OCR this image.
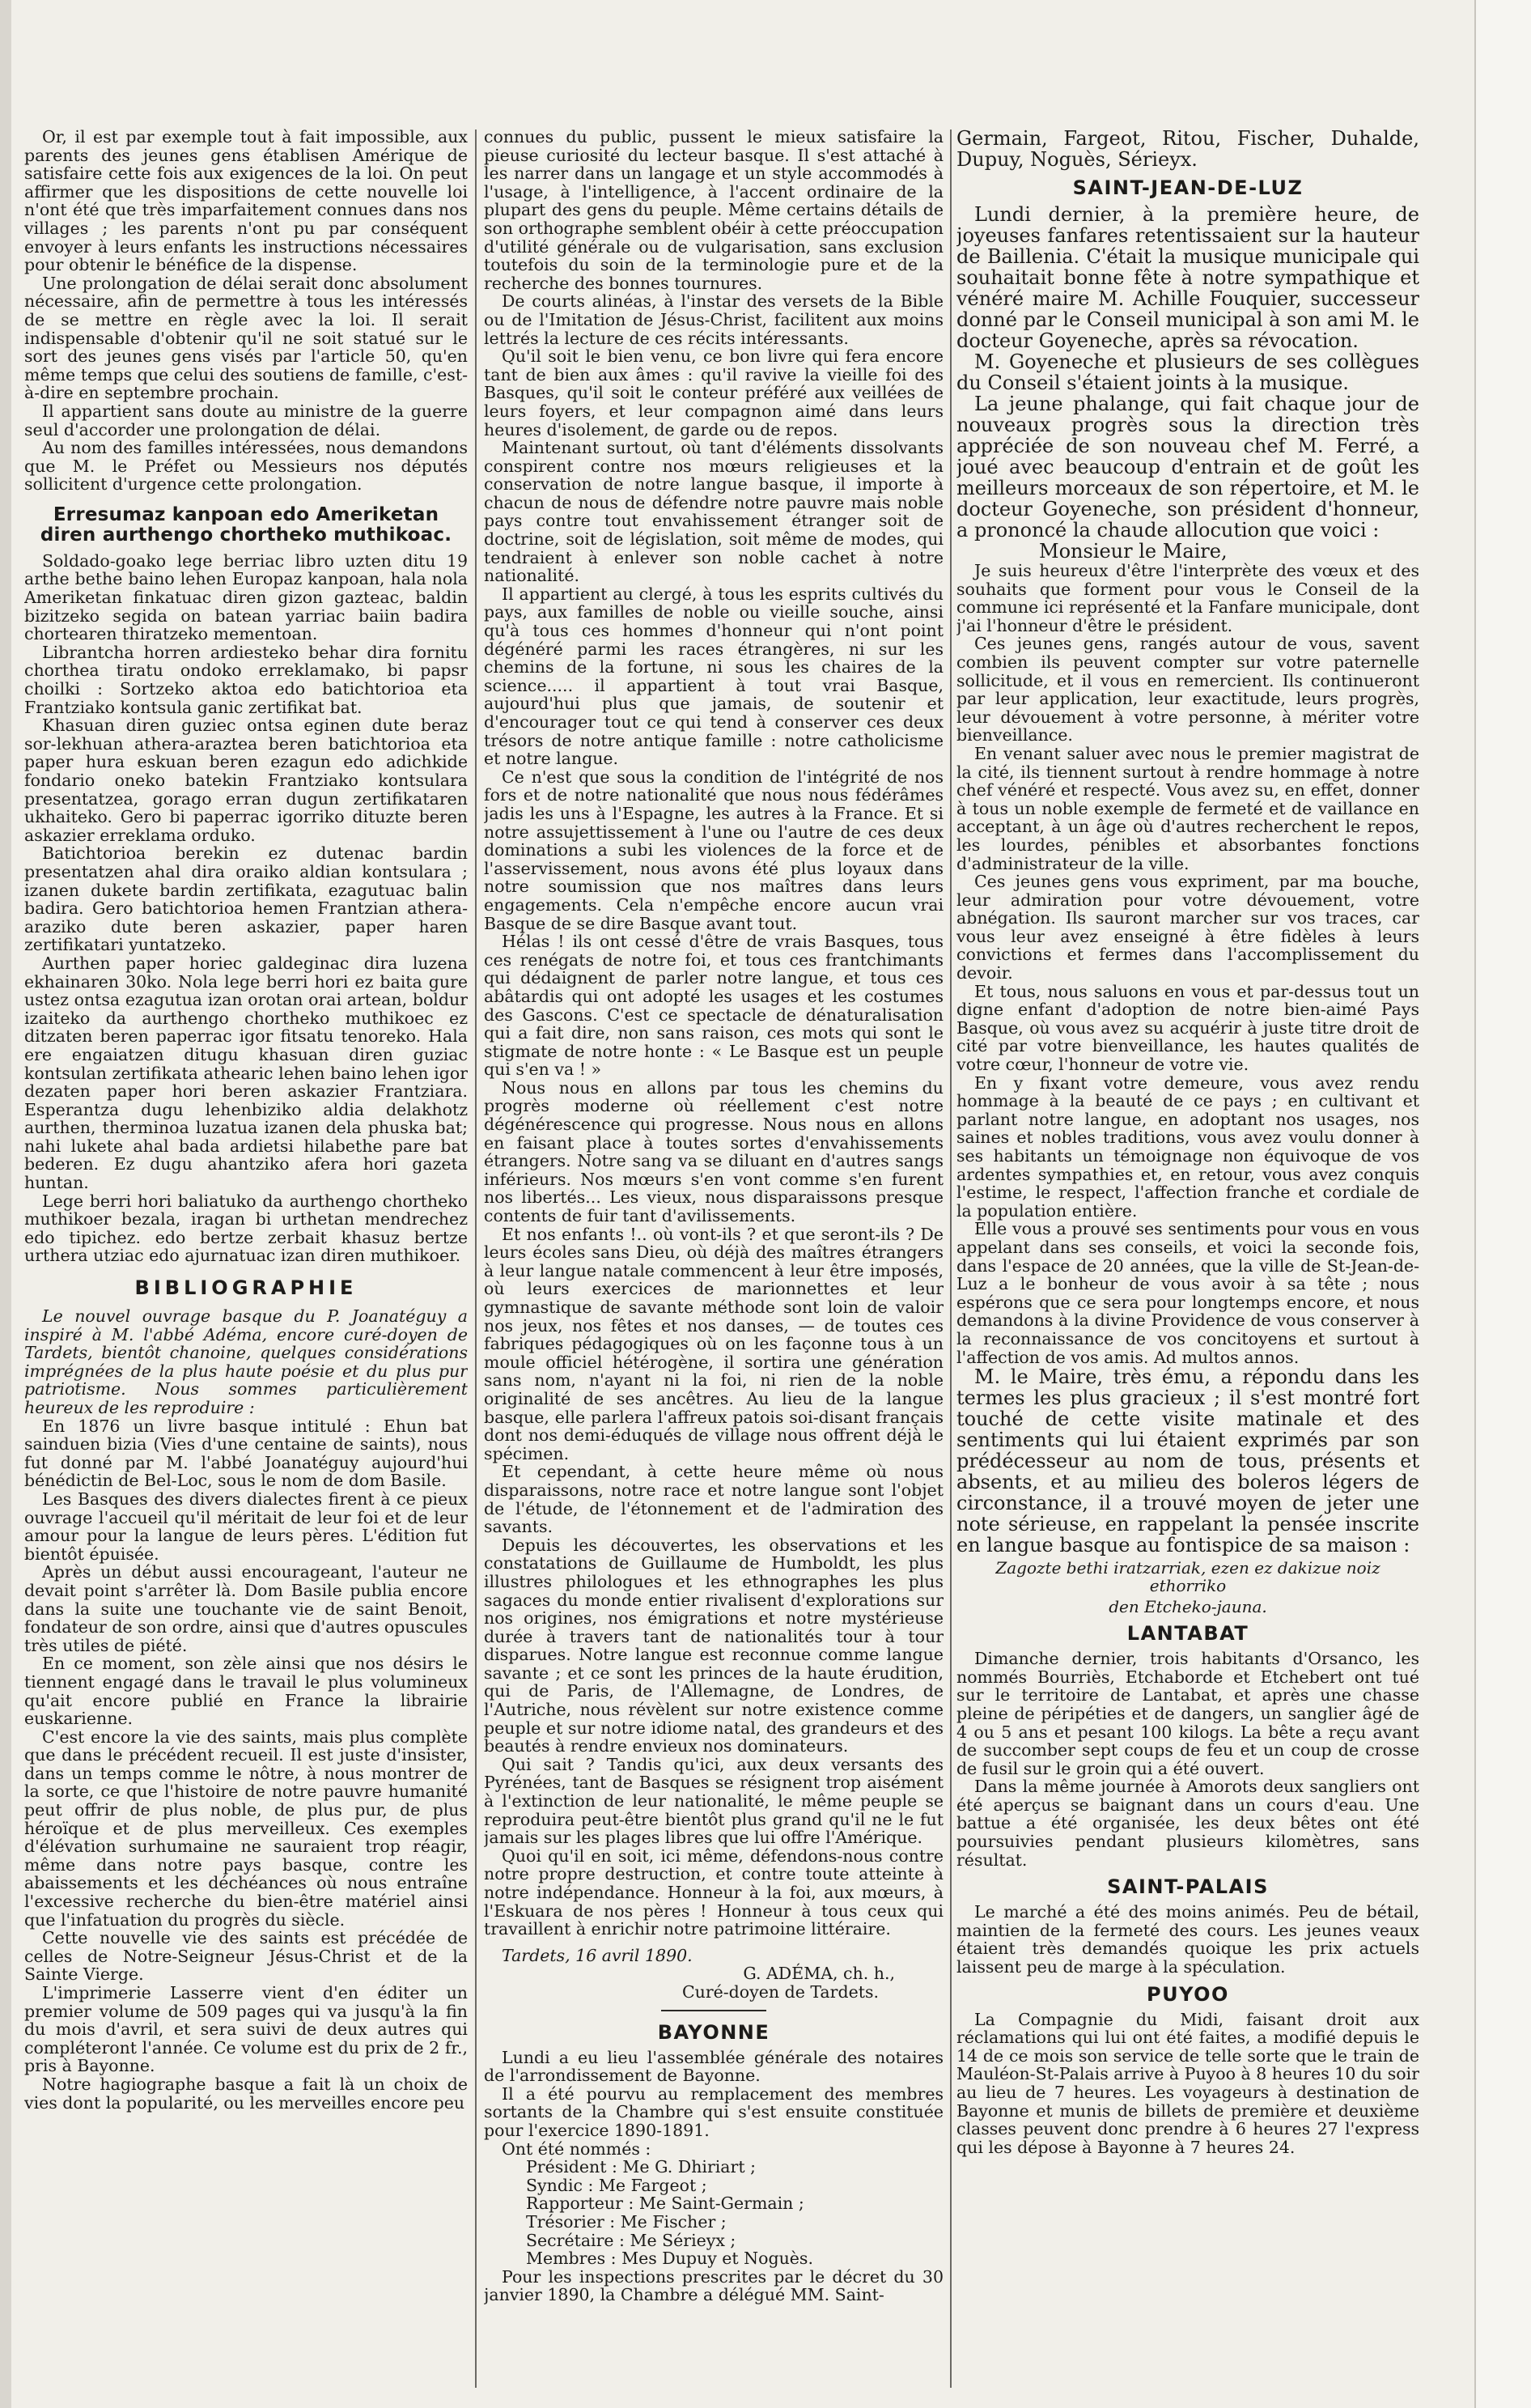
Or, il est par exemple tout à fait impossible, aux parents des jeunes gens établisen Amérique de satisfaire cette fois aux exigences de la loi. On peut affirmer que les dispositions de cette nouvelle loi n'ont été que très imparfaitement connues dans nos villages ; les parents n'ont pu par conséquent envoyer à leurs enfants les instructions nécessaires pour obtenir le bénéfice de la dispense.

Une prolongation de délai serait donc absolument nécessaire, afin de permettre à tous les intéressés de se mettre en règle avec la loi. Il serait indispensable d'obtenir qu'il ne soit statué sur le sort des jeunes gens visés par l'article 50, qu'en même temps que celui des soutiens de famille, c'est-à-dire en septembre prochain.

Il appartient sans doute au ministre de la guerre seul d'accorder une prolongation de délai.

Au nom des familles intéressées, nous demandons que M. le Préfet ou Messieurs nos députés sollicitent d'urgence cette prolongation.

Erresumaz kanpoan edo Ameriketan diren aurthengo chortheko muthikoac.

Soldado-goako lege berriac libro uzten ditu 19 arthe bethe baino lehen Europaz kanpoan, hala nola Ameriketan finkatuac diren gizon gazteac, baldin bizitzeko segida on batean yarriac baiin badira chortearen thiratzeko mementoan.

Librantcha horren ardiesteko behar dira fornitu chorthea tiratu ondoko erreklamako, bi papsr choilki : Sortzeko aktoa edo batichtorioa eta Frantziako kontsula ganic zertifikat bat.

Khasuan diren guziec ontsa eginen dute beraz sor-lekhuan athera-araztea beren batichtorioa eta paper hura eskuan beren ezagun edo adichkide fondario oneko batekin Frantziako kontsulara presentatzea, gorago erran dugun zertifikataren ukhaiteko. Gero bi paperrac igorriko dituzte beren askazier erreklama orduko.

Batichtorioa berekin ez dutenac bardin presentatzen ahal dira oraiko aldian kontsulara ; izanen dukete bardin zertifikata, ezagutuac balin badira. Gero batichtorioa hemen Frantzian athera-araziko dute beren askazier, paper haren zertifikatari yuntatzeko.

Aurthen paper horiec galdeginac dira luzena ekhainaren 30ko. Nola lege berri hori ez baita gure ustez ontsa ezagutua izan orotan orai artean, boldur izaiteko da aurthengo chortheko muthikoec ez ditzaten beren paperrac igor fitsatu tenoreko. Hala ere engaiatzen ditugu khasuan diren guziac kontsulan zertifikata athearic lehen baino lehen igor dezaten paper hori beren askazier Frantziara. Esperantza dugu lehenbiziko aldia delakhotz aurthen, therminoa luzatua izanen dela phuska bat; nahi lukete ahal bada ardietsi hilabethe pare bat bederen. Ez dugu ahantziko afera hori gazeta huntan.

Lege berri hori baliatuko da aurthengo chortheko muthikoer bezala, iragan bi urthetan mendrechez edo tipichez. edo bertze zerbait khasuz bertze urthera utziac edo ajurnatuac izan diren muthikoer.

BIBLIOGRAPHIE

Le nouvel ouvrage basque du P. Joanatéguy a inspiré à M. l'abbé Adéma, encore curé-doyen de Tardets, bientôt chanoine, quelques considérations imprégnées de la plus haute poésie et du plus pur patriotisme. Nous sommes particulièrement heureux de les reproduire :

En 1876 un livre basque intitulé : Ehun bat sainduen bizia (Vies d'une centaine de saints), nous fut donné par M. l'abbé Joanatéguy aujourd'hui bénédictin de Bel-Loc, sous le nom de dom Basile.

Les Basques des divers dialectes firent à ce pieux ouvrage l'accueil qu'il méritait de leur foi et de leur amour pour la langue de leurs pères. L'édition fut bientôt épuisée.

Après un début aussi encourageant, l'auteur ne devait point s'arrêter là. Dom Basile publia encore dans la suite une touchante vie de saint Benoit, fondateur de son ordre, ainsi que d'autres opuscules très utiles de piété.

En ce moment, son zèle ainsi que nos désirs le tiennent engagé dans le travail le plus volumineux qu'ait encore publié en France la librairie euskarienne.

C'est encore la vie des saints, mais plus complète que dans le précédent recueil. Il est juste d'insister, dans un temps comme le nôtre, à nous montrer de la sorte, ce que l'histoire de notre pauvre humanité peut offrir de plus noble, de plus pur, de plus héroïque et de plus merveilleux. Ces exemples d'élévation surhumaine ne sauraient trop réagir, même dans notre pays basque, contre les abaissements et les déchéances où nous entraîne l'excessive recherche du bien-être matériel ainsi que l'infatuation du progrès du siècle.

Cette nouvelle vie des saints est précédée de celles de Notre-Seigneur Jésus-Christ et de la Sainte Vierge.

L'imprimerie Lasserre vient d'en éditer un premier volume de 509 pages qui va jusqu'à la fin du mois d'avril, et sera suivi de deux autres qui compléteront l'année. Ce volume est du prix de 2 fr., pris à Bayonne.

Notre hagiographe basque a fait là un choix de vies dont la popularité, ou les merveilles encore peu

connues du public, pussent le mieux satisfaire la pieuse curiosité du lecteur basque. Il s'est attaché à les narrer dans un langage et un style accommodés à l'usage, à l'intelligence, à l'accent ordinaire de la plupart des gens du peuple. Même certains détails de son orthographe semblent obéir à cette préoccupation d'utilité générale ou de vulgarisation, sans exclusion toutefois du soin de la terminologie pure et de la recherche des bonnes tournures.

De courts alinéas, à l'instar des versets de la Bible ou de l'Imitation de Jésus-Christ, facilitent aux moins lettrés la lecture de ces récits intéressants.

Qu'il soit le bien venu, ce bon livre qui fera encore tant de bien aux âmes : qu'il ravive la vieille foi des Basques, qu'il soit le conteur préféré aux veillées de leurs foyers, et leur compagnon aimé dans leurs heures d'isolement, de garde ou de repos.

Maintenant surtout, où tant d'éléments dissolvants conspirent contre nos mœurs religieuses et la conservation de notre langue basque, il importe à chacun de nous de défendre notre pauvre mais noble pays contre tout envahissement étranger soit de doctrine, soit de législation, soit même de modes, qui tendraient à enlever son noble cachet à notre nationalité.

Il appartient au clergé, à tous les esprits cultivés du pays, aux familles de noble ou vieille souche, ainsi qu'à tous ces hommes d'honneur qui n'ont point dégénéré parmi les races étrangères, ni sur les chemins de la fortune, ni sous les chaires de la science..... il appartient à tout vrai Basque, aujourd'hui plus que jamais, de soutenir et d'encourager tout ce qui tend à conserver ces deux trésors de notre antique famille : notre catholicisme et notre langue.

Ce n'est que sous la condition de l'intégrité de nos fors et de notre nationalité que nous nous fédérâmes jadis les uns à l'Espagne, les autres à la France. Et si notre assujettissement à l'une ou l'autre de ces deux dominations a subi les violences de la force et de l'asservissement, nous avons été plus loyaux dans notre soumission que nos maîtres dans leurs engagements. Cela n'empêche encore aucun vrai Basque de se dire Basque avant tout.

Hélas ! ils ont cessé d'être de vrais Basques, tous ces renégats de notre foi, et tous ces frantchimants qui dédaignent de parler notre langue, et tous ces abâtardis qui ont adopté les usages et les costumes des Gascons. C'est ce spectacle de dénaturalisation qui a fait dire, non sans raison, ces mots qui sont le stigmate de notre honte : « Le Basque est un peuple qui s'en va ! »

Nous nous en allons par tous les chemins du progrès moderne où réellement c'est notre dégénérescence qui progresse. Nous nous en allons en faisant place à toutes sortes d'envahissements étrangers. Notre sang va se diluant en d'autres sangs inférieurs. Nos mœurs s'en vont comme s'en furent nos libertés... Les vieux, nous disparaissons presque contents de fuir tant d'avilissements.

Et nos enfants !.. où vont-ils ? et que seront-ils ? De leurs écoles sans Dieu, où déjà des maîtres étrangers à leur langue natale commencent à leur être imposés, où leurs exercices de marionnettes et leur gymnastique de savante méthode sont loin de valoir nos jeux, nos fêtes et nos danses, — de toutes ces fabriques pédagogiques où on les façonne tous à un moule officiel hétérogène, il sortira une génération sans nom, n'ayant ni la foi, ni rien de la noble originalité de ses ancêtres. Au lieu de la langue basque, elle parlera l'affreux patois soi-disant français dont nos demi-éduqués de village nous offrent déjà le spécimen.

Et cependant, à cette heure même où nous disparaissons, notre race et notre langue sont l'objet de l'étude, de l'étonnement et de l'admiration des savants.

Depuis les découvertes, les observations et les constatations de Guillaume de Humboldt, les plus illustres philologues et les ethnographes les plus sagaces du monde entier rivalisent d'explorations sur nos origines, nos émigrations et notre mystérieuse durée à travers tant de nationalités tour à tour disparues. Notre langue est reconnue comme langue savante ; et ce sont les princes de la haute érudition, qui de Paris, de l'Allemagne, de Londres, de l'Autriche, nous révèlent sur notre existence comme peuple et sur notre idiome natal, des grandeurs et des beautés à rendre envieux nos dominateurs.

Qui sait ? Tandis qu'ici, aux deux versants des Pyrénées, tant de Basques se résignent trop aisément à l'extinction de leur nationalité, le même peuple se reproduira peut-être bientôt plus grand qu'il ne le fut jamais sur les plages libres que lui offre l'Amérique.

Quoi qu'il en soit, ici même, défendons-nous contre notre propre destruction, et contre toute atteinte à notre indépendance. Honneur à la foi, aux mœurs, à l'Eskuara de nos pères ! Honneur à tous ceux qui travaillent à enrichir notre patrimoine littéraire.

Tardets, 16 avril 1890.

G. ADÉMA, ch. h.,

Curé-doyen de Tardets.

BAYONNE

Lundi a eu lieu l'assemblée générale des notaires de l'arrondissement de Bayonne.

Il a été pourvu au remplacement des membres sortants de la Chambre qui s'est ensuite constituée pour l'exercice 1890-1891.

Ont été nommés :

Président : Me G. Dhiriart ;

Syndic : Me Fargeot ;

Rapporteur : Me Saint-Germain ;

Trésorier : Me Fischer ;

Secrétaire : Me Sérieyx ;

Membres : Mes Dupuy et Noguès.

Pour les inspections prescrites par le décret du 30 janvier 1890, la Chambre a délégué MM. Saint-

Germain, Fargeot, Ritou, Fischer, Duhalde, Dupuy, Noguès, Sérieyx.

SAINT-JEAN-DE-LUZ

Lundi dernier, à la première heure, de joyeuses fanfares retentissaient sur la hauteur de Baillenia. C'était la musique municipale qui souhaitait bonne fête à notre sympathique et vénéré maire M. Achille Fouquier, successeur donné par le Conseil municipal à son ami M. le docteur Goyeneche, après sa révocation.

M. Goyeneche et plusieurs de ses collègues du Conseil s'étaient joints à la musique.

La jeune phalange, qui fait chaque jour de nouveaux progrès sous la direction très appréciée de son nouveau chef M. Ferré, a joué avec beaucoup d'entrain et de goût les meilleurs morceaux de son répertoire, et M. le docteur Goyeneche, son président d'honneur, a prononcé la chaude allocution que voici :

Monsieur le Maire,

Je suis heureux d'être l'interprète des vœux et des souhaits que forment pour vous le Conseil de la commune ici représenté et la Fanfare municipale, dont j'ai l'honneur d'être le président.

Ces jeunes gens, rangés autour de vous, savent combien ils peuvent compter sur votre paternelle sollicitude, et il vous en remercient. Ils continueront par leur application, leur exactitude, leurs progrès, leur dévouement à votre personne, à mériter votre bienveillance.

En venant saluer avec nous le premier magistrat de la cité, ils tiennent surtout à rendre hommage à notre chef vénéré et respecté. Vous avez su, en effet, donner à tous un noble exemple de fermeté et de vaillance en acceptant, à un âge où d'autres recherchent le repos, les lourdes, pénibles et absorbantes fonctions d'administrateur de la ville.

Ces jeunes gens vous expriment, par ma bouche, leur admiration pour votre dévouement, votre abnégation. Ils sauront marcher sur vos traces, car vous leur avez enseigné à être fidèles à leurs convictions et fermes dans l'accomplissement du devoir.

Et tous, nous saluons en vous et par-dessus tout un digne enfant d'adoption de notre bien-aimé Pays Basque, où vous avez su acquérir à juste titre droit de cité par votre bienveillance, les hautes qualités de votre cœur, l'honneur de votre vie.

En y fixant votre demeure, vous avez rendu hommage à la beauté de ce pays ; en cultivant et parlant notre langue, en adoptant nos usages, nos saines et nobles traditions, vous avez voulu donner à ses habitants un témoignage non équivoque de vos ardentes sympathies et, en retour, vous avez conquis l'estime, le respect, l'affection franche et cordiale de la population entière.

Elle vous a prouvé ses sentiments pour vous en vous appelant dans ses conseils, et voici la seconde fois, dans l'espace de 20 années, que la ville de St-Jean-de-Luz a le bonheur de vous avoir à sa tête ; nous espérons que ce sera pour longtemps encore, et nous demandons à la divine Providence de vous conserver à la reconnaissance de vos concitoyens et surtout à l'affection de vos amis. Ad multos annos.

M. le Maire, très ému, a répondu dans les termes les plus gracieux ; il s'est montré fort touché de cette visite matinale et des sentiments qui lui étaient exprimés par son prédécesseur au nom de tous, présents et absents, et au milieu des boleros légers de circonstance, il a trouvé moyen de jeter une note sérieuse, en rappelant la pensée inscrite en langue basque au fontispice de sa maison :

Zagozte bethi iratzarriak, ezen ez dakizue noiz ethorriko

den Etcheko-jauna.

LANTABAT

Dimanche dernier, trois habitants d'Orsanco, les nommés Bourriès, Etchaborde et Etchebert ont tué sur le territoire de Lantabat, et après une chasse pleine de péripéties et de dangers, un sanglier âgé de 4 ou 5 ans et pesant 100 kilogs. La bête a reçu avant de succomber sept coups de feu et un coup de crosse de fusil sur le groin qui a été ouvert.

Dans la même journée à Amorots deux sangliers ont été aperçus se baignant dans un cours d'eau. Une battue a été organisée, les deux bêtes ont été poursuivies pendant plusieurs kilomètres, sans résultat.

SAINT-PALAIS

Le marché a été des moins animés. Peu de bétail, maintien de la fermeté des cours. Les jeunes veaux étaient très demandés quoique les prix actuels laissent peu de marge à la spéculation.

PUYOO

La Compagnie du Midi, faisant droit aux réclamations qui lui ont été faites, a modifié depuis le 14 de ce mois son service de telle sorte que le train de Mauléon-St-Palais arrive à Puyoo à 8 heures 10 du soir au lieu de 7 heures. Les voyageurs à destination de Bayonne et munis de billets de première et deuxième classes peuvent donc prendre à 6 heures 27 l'express qui les dépose à Bayonne à 7 heures 24.
